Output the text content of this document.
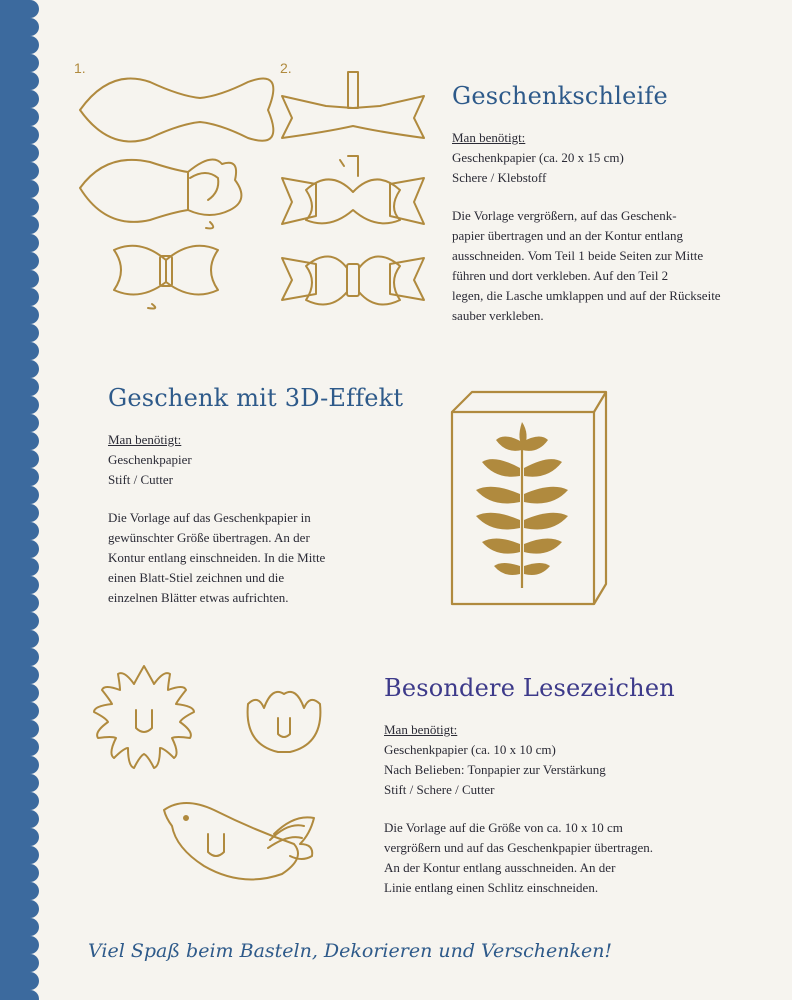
1.	2.
Geschenkschleife
Man benötigt:
Geschenkpapier (ca. 20 x 15 cm)
Schere / Klebstoff
Die Vorlage vergrößern, auf das Geschenk-
papier übertragen und an der Kontur entlang
ausschneiden. Vom Teil 1 beide Seiten zur Mitte
führen und dort verkleben. Auf den Teil 2
legen, die Lasche umklappen und auf der Rückseite
sauber verkleben.
Geschenk mit 3D-Effekt
Man benötigt:
Geschenkpapier
Stift / Cutter
Die Vorlage auf das Geschenkpapier in
gewünschter Größe übertragen. An der
Kontur entlang einschneiden. In die Mitte
einen Blatt-Stiel zeichnen und die
einzelnen Blätter etwas aufrichten.
Besondere Lesezeichen
Man benötigt:
Geschenkpapier (ca. 10 x 10 cm)
Nach Belieben: Tonpapier zur Verstärkung
Stift / Schere / Cutter
Die Vorlage auf die Größe von ca. 10 x 10 cm
vergrößern und auf das Geschenkpapier übertragen.
An der Kontur entlang ausschneiden. An der
Linie entlang einen Schlitz einschneiden.
Viel Spaß beim Basteln, Dekorieren und Verschenken!
